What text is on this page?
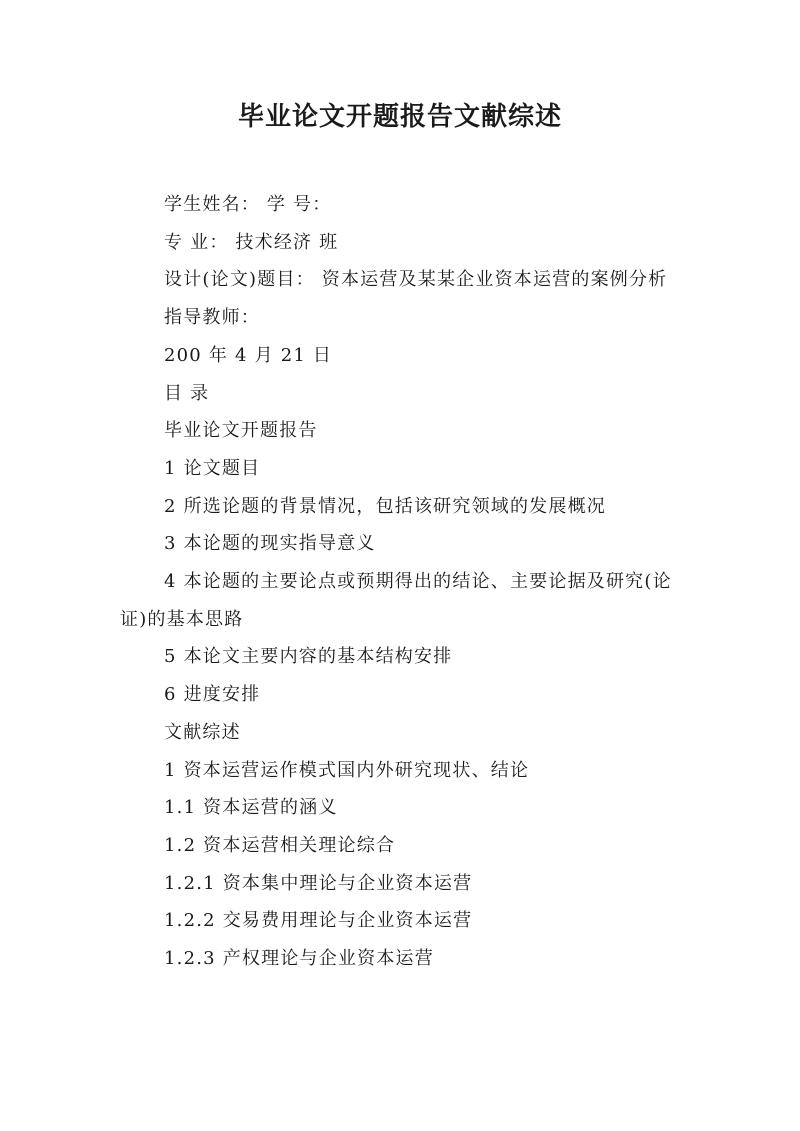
毕业论文开题报告文献综述

学生姓名： 学 号：

专 业： 技术经济 班

设计(论文)题目： 资本运营及某某企业资本运营的案例分析

指导教师：

200 年 4 月 21 日

目 录

毕业论文开题报告

1 论文题目

2 所选论题的背景情况，包括该研究领域的发展概况

3 本论题的现实指导意义

4 本论题的主要论点或预期得出的结论、主要论据及研究(论证)的基本思路

5 本论文主要内容的基本结构安排

6 进度安排

文献综述

1 资本运营运作模式国内外研究现状、结论

1.1 资本运营的涵义

1.2 资本运营相关理论综合

1.2.1 资本集中理论与企业资本运营

1.2.2 交易费用理论与企业资本运营

1.2.3 产权理论与企业资本运营
